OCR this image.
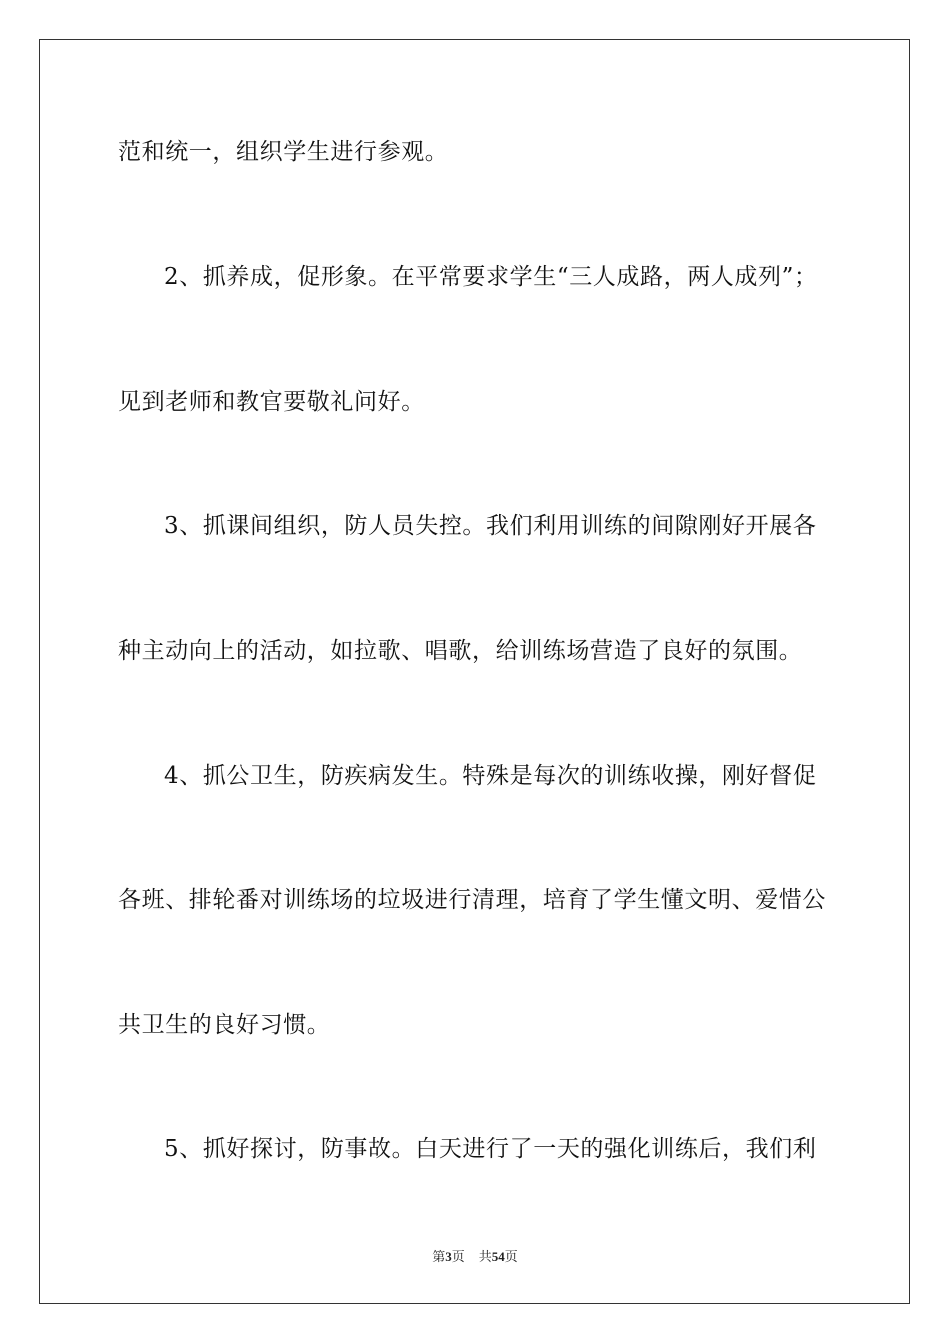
范和统一，组织学生进行参观。
2、抓养成，促形象。在平常要求学生“三人成路，两人成列”；
见到老师和教官要敬礼问好。
3、抓课间组织，防人员失控。我们利用训练的间隙刚好开展各
种主动向上的活动，如拉歌、唱歌，给训练场营造了良好的氛围。
4、抓公卫生，防疾病发生。特殊是每次的训练收操，刚好督促
各班、排轮番对训练场的垃圾进行清理，培育了学生懂文明、爱惜公
共卫生的良好习惯。
5、抓好探讨，防事故。白天进行了一天的强化训练后，我们利
第3页 共54页
